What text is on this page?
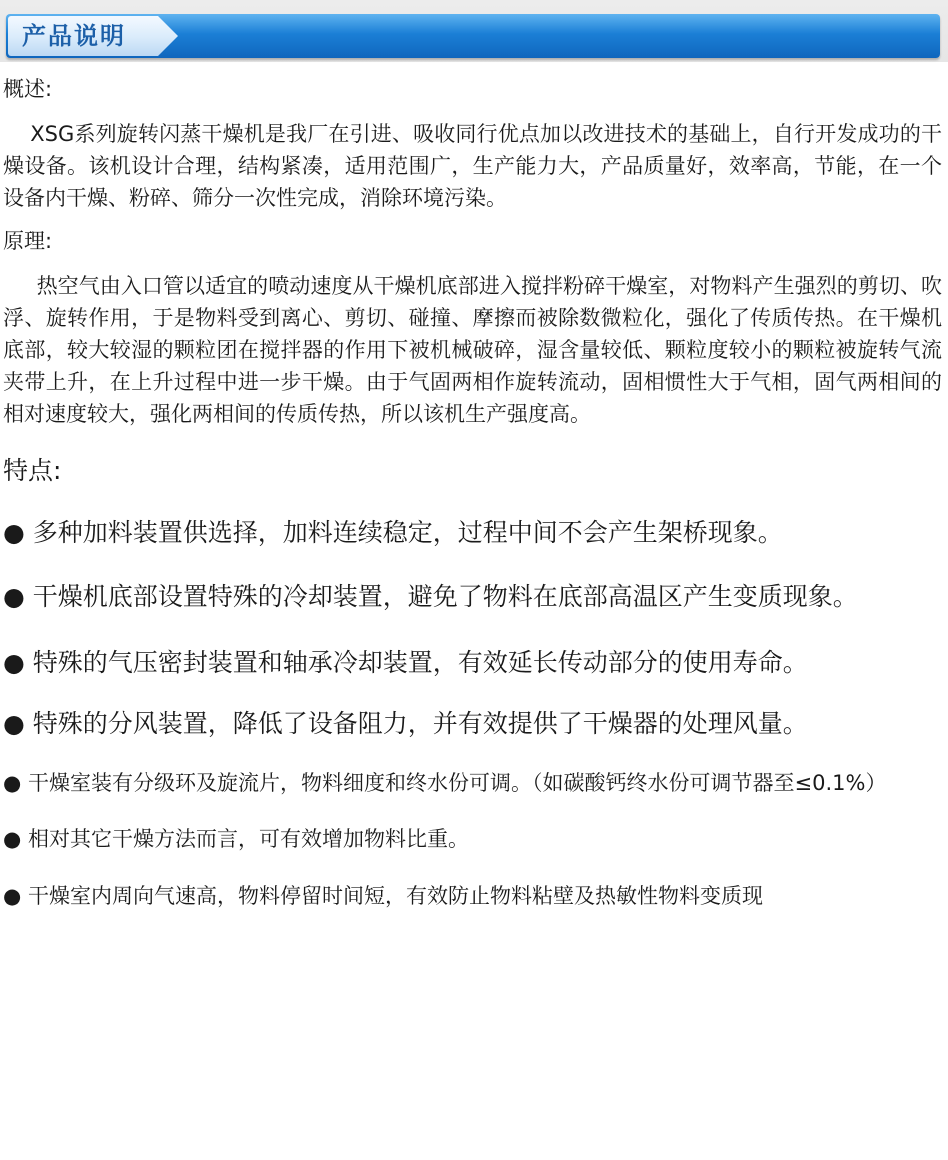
产品说明
概述:

XSG系列旋转闪蒸干燥机是我厂在引进、吸收同行优点加以改进技术的基础上，自行开发成功的干燥设备。该机设计合理，结构紧凑，适用范围广，生产能力大，产品质量好，效率高，节能，在一个设备内干燥、粉碎、筛分一次性完成，消除环境污染。

原理:

热空气由入口管以适宜的喷动速度从干燥机底部进入搅拌粉碎干燥室，对物料产生强烈的剪切、吹浮、旋转作用，于是物料受到离心、剪切、碰撞、摩擦而被除数微粒化，强化了传质传热。在干燥机底部，较大较湿的颗粒团在搅拌器的作用下被机械破碎，湿含量较低、颗粒度较小的颗粒被旋转气流夹带上升，在上升过程中进一步干燥。由于气固两相作旋转流动，固相惯性大于气相，固气两相间的相对速度较大，强化两相间的传质传热，所以该机生产强度高。

特点:

● 多种加料装置供选择，加料连续稳定，过程中间不会产生架桥现象。

● 干燥机底部设置特殊的冷却装置，避免了物料在底部高温区产生变质现象。

● 特殊的气压密封装置和轴承冷却装置，有效延长传动部分的使用寿命。

● 特殊的分风装置，降低了设备阻力，并有效提供了干燥器的处理风量。

● 干燥室装有分级环及旋流片，物料细度和终水份可调。（如碳酸钙终水份可调节器至≤0.1%）

● 相对其它干燥方法而言，可有效增加物料比重。

● 干燥室内周向气速高，物料停留时间短，有效防止物料粘壁及热敏性物料变质现
